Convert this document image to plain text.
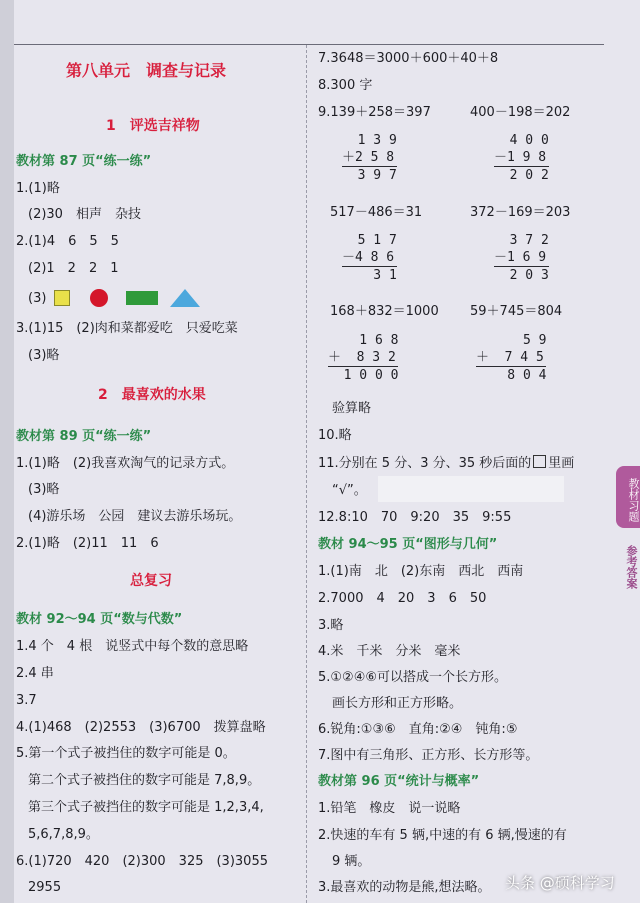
第八单元　调查与记录
1　评选吉祥物
教材第 87 页“练一练”
1.(1)略
(2)30　相声　杂技
2.(1)4　6　5　5
(2)1　2　2　1
(3)
3.(1)15　(2)肉和菜都爱吃　只爱吃菜
(3)略
2　最喜欢的水果
教材第 89 页“练一练”
1.(1)略　(2)我喜欢淘气的记录方式。
(3)略
(4)游乐场　公园　建议去游乐场玩。
2.(1)略　(2)11　11　6
总复习
教材 92～94 页“数与代数”
1.4 个　4 根　说竖式中每个数的意思略
2.4 串
3.7
4.(1)468　(2)2553　(3)6700　拨算盘略
5.第一个式子被挡住的数字可能是 0。
第二个式子被挡住的数字可能是 7,8,9。
第三个式子被挡住的数字可能是 1,2,3,4,
5,6,7,8,9。
6.(1)720　420　(2)300　325　(3)3055
2955
7.3648＝3000＋600＋40＋8
8.300 字
9.139＋258＝397	400－198＝202
1 3 9
＋2 5 8
3 9 7
4 0 0
－1 9 8
2 0 2
517－486＝31	372－169＝203
5 1 7
－4 8 6
3 1
3 7 2
－1 6 9
2 0 3
168＋832＝1000 59＋745＝804
1 6 8
＋  8 3 2
1 0 0 0
5 9
＋  7 4 5
8 0 4
验算略
10.略
11.分别在 5 分、3 分、35 秒后面的 里画
“√”。
12.8:10　70　9:20　35　9:55
教材 94～95 页“图形与几何”
1.(1)南　北　(2)东南　西北　西南
2.7000　4　20　3　6　50
3.略
4.米　千米　分米　毫米
5.①②④⑥可以搭成一个长方形。
画长方形和正方形略。
6.锐角:①③⑥　直角:②④　钝角:⑤
7.图中有三角形、正方形、长方形等。
教材第 96 页“统计与概率”
1.铅笔　橡皮　说一说略
2.快速的车有 5 辆,中速的有 6 辆,慢速的有
9 辆。
3.最喜欢的动物是熊,想法略。
教材习题
参考答案
头条 @硕科学习
